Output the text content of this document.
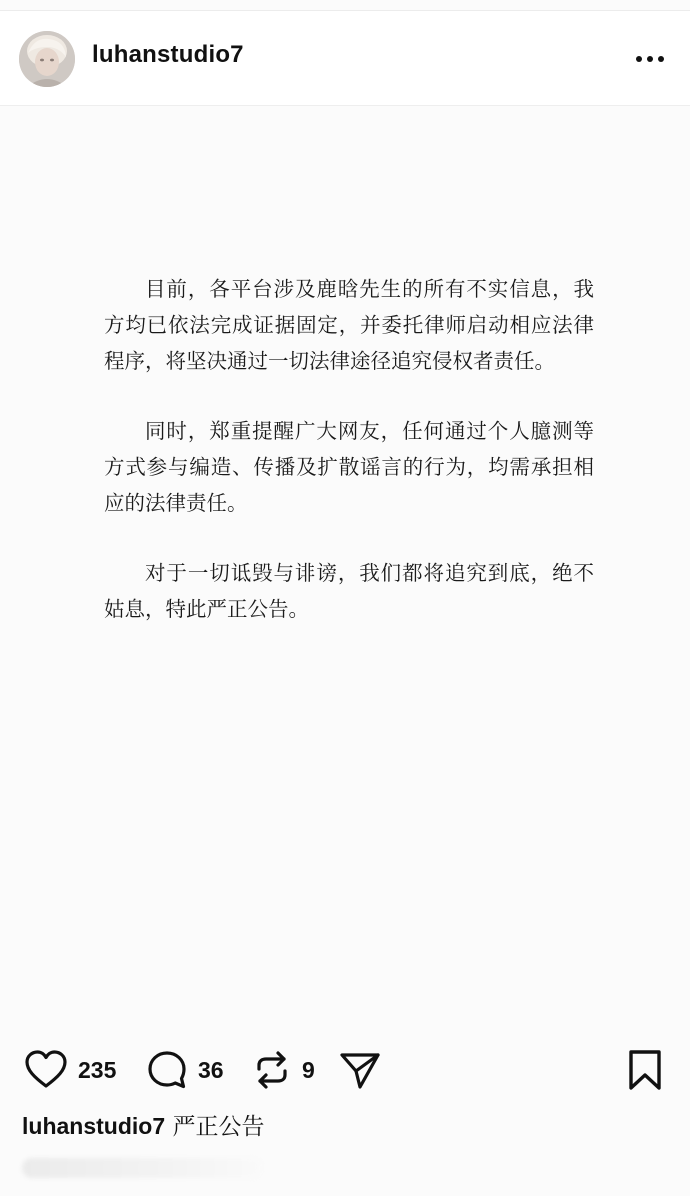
luhanstudio7

目前，各平台涉及鹿晗先生的所有不实信息，我方均已依法完成证据固定，并委托律师启动相应法律程序，将坚决通过一切法律途径追究侵权者责任。

同时，郑重提醒广大网友，任何通过个人臆测等方式参与编造、传播及扩散谣言的行为，均需承担相应的法律责任。

对于一切诋毁与诽谤，我们都将追究到底，绝不姑息，特此严正公告。

235	36	9
luhanstudio7 严正公告
